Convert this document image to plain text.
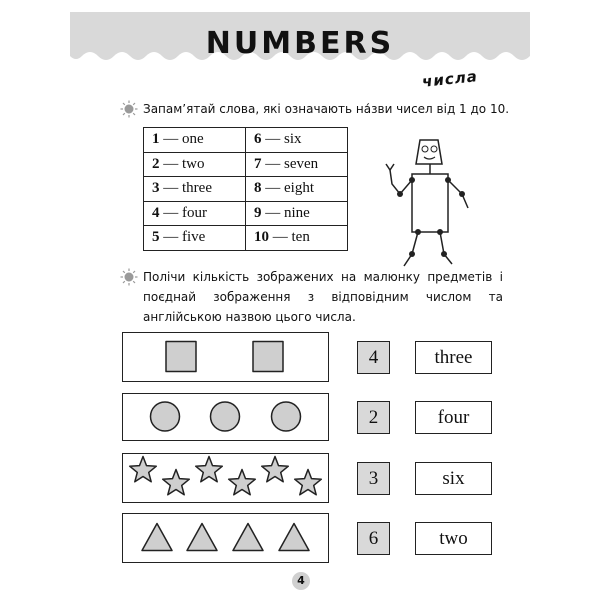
NUMBERS
числа
Запам’ятай слова, які означають на́зви чисел від 1 до 10.
1 — one	6 — six
2 — two	7 — seven
3 — three	8 — eight
4 — four	9 — nine
5 — five	10 — ten
Полічи кількість зображених на малюнку предметів і поєднай зображення з відповідним числом та англійською назвою цього числа.
4	three
2	four
3	six
6	two
4
